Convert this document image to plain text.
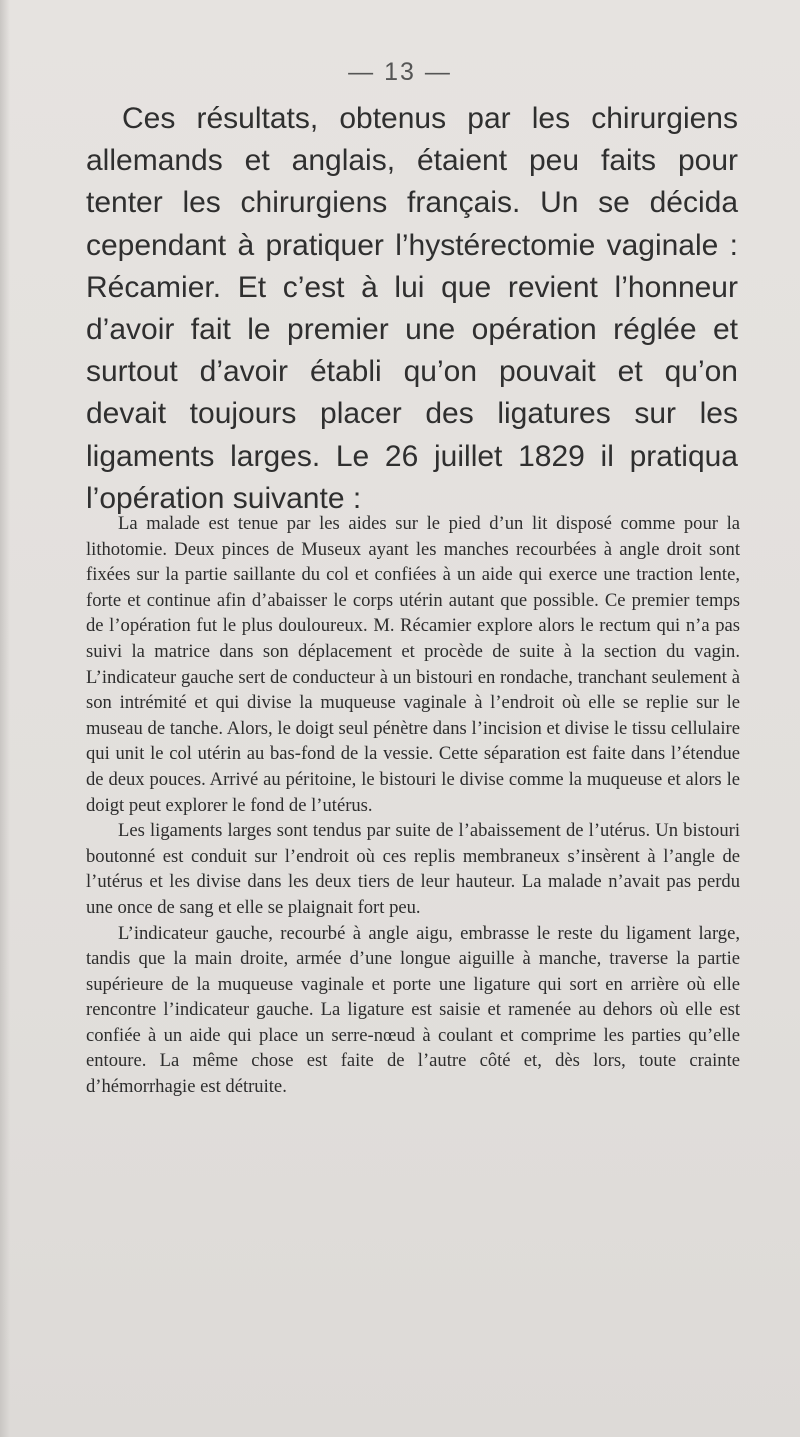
— 13 —

Ces résultats, obtenus par les chirurgiens allemands et anglais, étaient peu faits pour tenter les chirurgiens français. Un se décida cependant à pratiquer l’hystérectomie vaginale : Récamier. Et c’est à lui que revient l’honneur d’avoir fait le premier une opération réglée et surtout d’avoir établi qu’on pouvait et qu’on devait toujours placer des ligatures sur les ligaments larges. Le 26 juillet 1829 il pratiqua l’opération suivante :

La malade est tenue par les aides sur le pied d’un lit disposé comme pour la lithotomie. Deux pinces de Museux ayant les manches recourbées à angle droit sont fixées sur la partie saillante du col et confiées à un aide qui exerce une traction lente, forte et continue afin d’abaisser le corps utérin autant que possible. Ce premier temps de l’opération fut le plus douloureux. M. Récamier explore alors le rectum qui n’a pas suivi la matrice dans son déplacement et procède de suite à la section du vagin. L’indicateur gauche sert de conducteur à un bistouri en rondache, tranchant seulement à son intrémité et qui divise la muqueuse vaginale à l’endroit où elle se replie sur le museau de tanche. Alors, le doigt seul pénètre dans l’incision et divise le tissu cellulaire qui unit le col utérin au bas-fond de la vessie. Cette séparation est faite dans l’étendue de deux pouces. Arrivé au péritoine, le bistouri le divise comme la muqueuse et alors le doigt peut explorer le fond de l’utérus.

Les ligaments larges sont tendus par suite de l’abaissement de l’utérus. Un bistouri boutonné est conduit sur l’endroit où ces replis membraneux s’insèrent à l’angle de l’utérus et les divise dans les deux tiers de leur hauteur. La malade n’avait pas perdu une once de sang et elle se plaignait fort peu.

L’indicateur gauche, recourbé à angle aigu, embrasse le reste du ligament large, tandis que la main droite, armée d’une longue aiguille à manche, traverse la partie supérieure de la muqueuse vaginale et porte une ligature qui sort en arrière où elle rencontre l’indicateur gauche. La ligature est saisie et ramenée au dehors où elle est confiée à un aide qui place un serre-nœud à coulant et comprime les parties qu’elle entoure. La même chose est faite de l’autre côté et, dès lors, toute crainte d’hémorrhagie est détruite.
